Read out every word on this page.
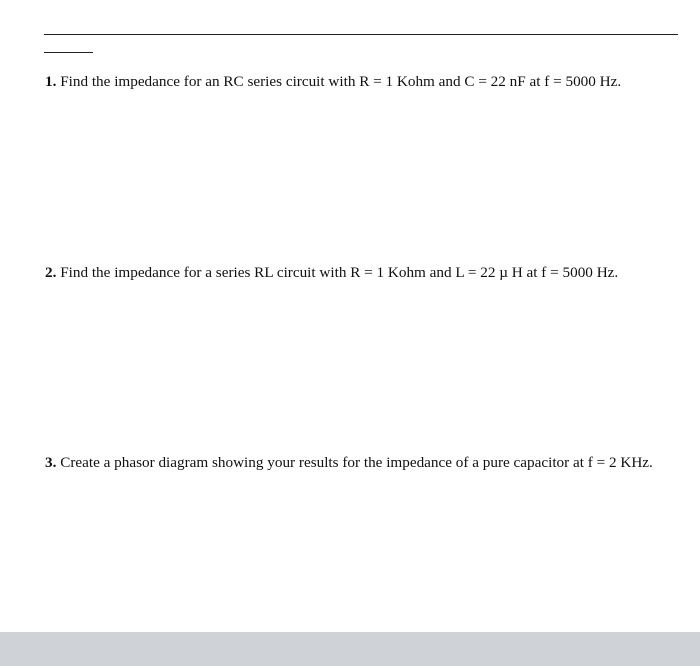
1. Find the impedance for an RC series circuit with R = 1 Kohm and C = 22 nF at f = 5000 Hz.
2. Find the impedance for a series RL circuit with R = 1 Kohm and L = 22 µ H at f = 5000 Hz.
3. Create a phasor diagram showing your results for the impedance of a pure capacitor at f = 2 KHz.
